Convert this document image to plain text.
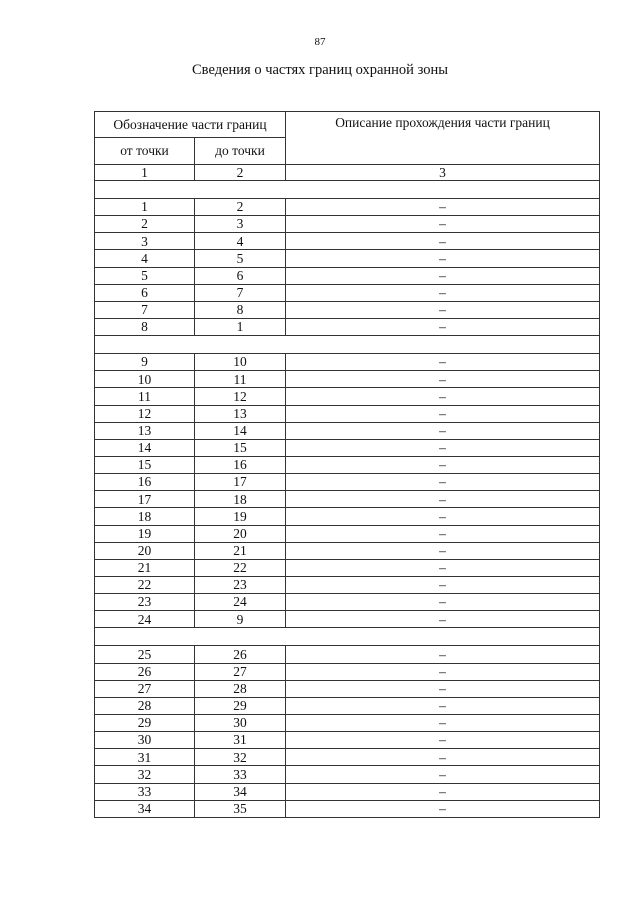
87
Сведения о частях границ охранной зоны
Обозначение части границ		Описание прохождения части границ
от точки	до точки	
1	2	3

1	2	–
2	3	–
3	4	–
4	5	–
5	6	–
6	7	–
7	8	–
8	1	–

9	10	–
10	11	–
11	12	–
12	13	–
13	14	–
14	15	–
15	16	–
16	17	–
17	18	–
18	19	–
19	20	–
20	21	–
21	22	–
22	23	–
23	24	–
24	9	–

25	26	–
26	27	–
27	28	–
28	29	–
29	30	–
30	31	–
31	32	–
32	33	–
33	34	–
34	35	–
